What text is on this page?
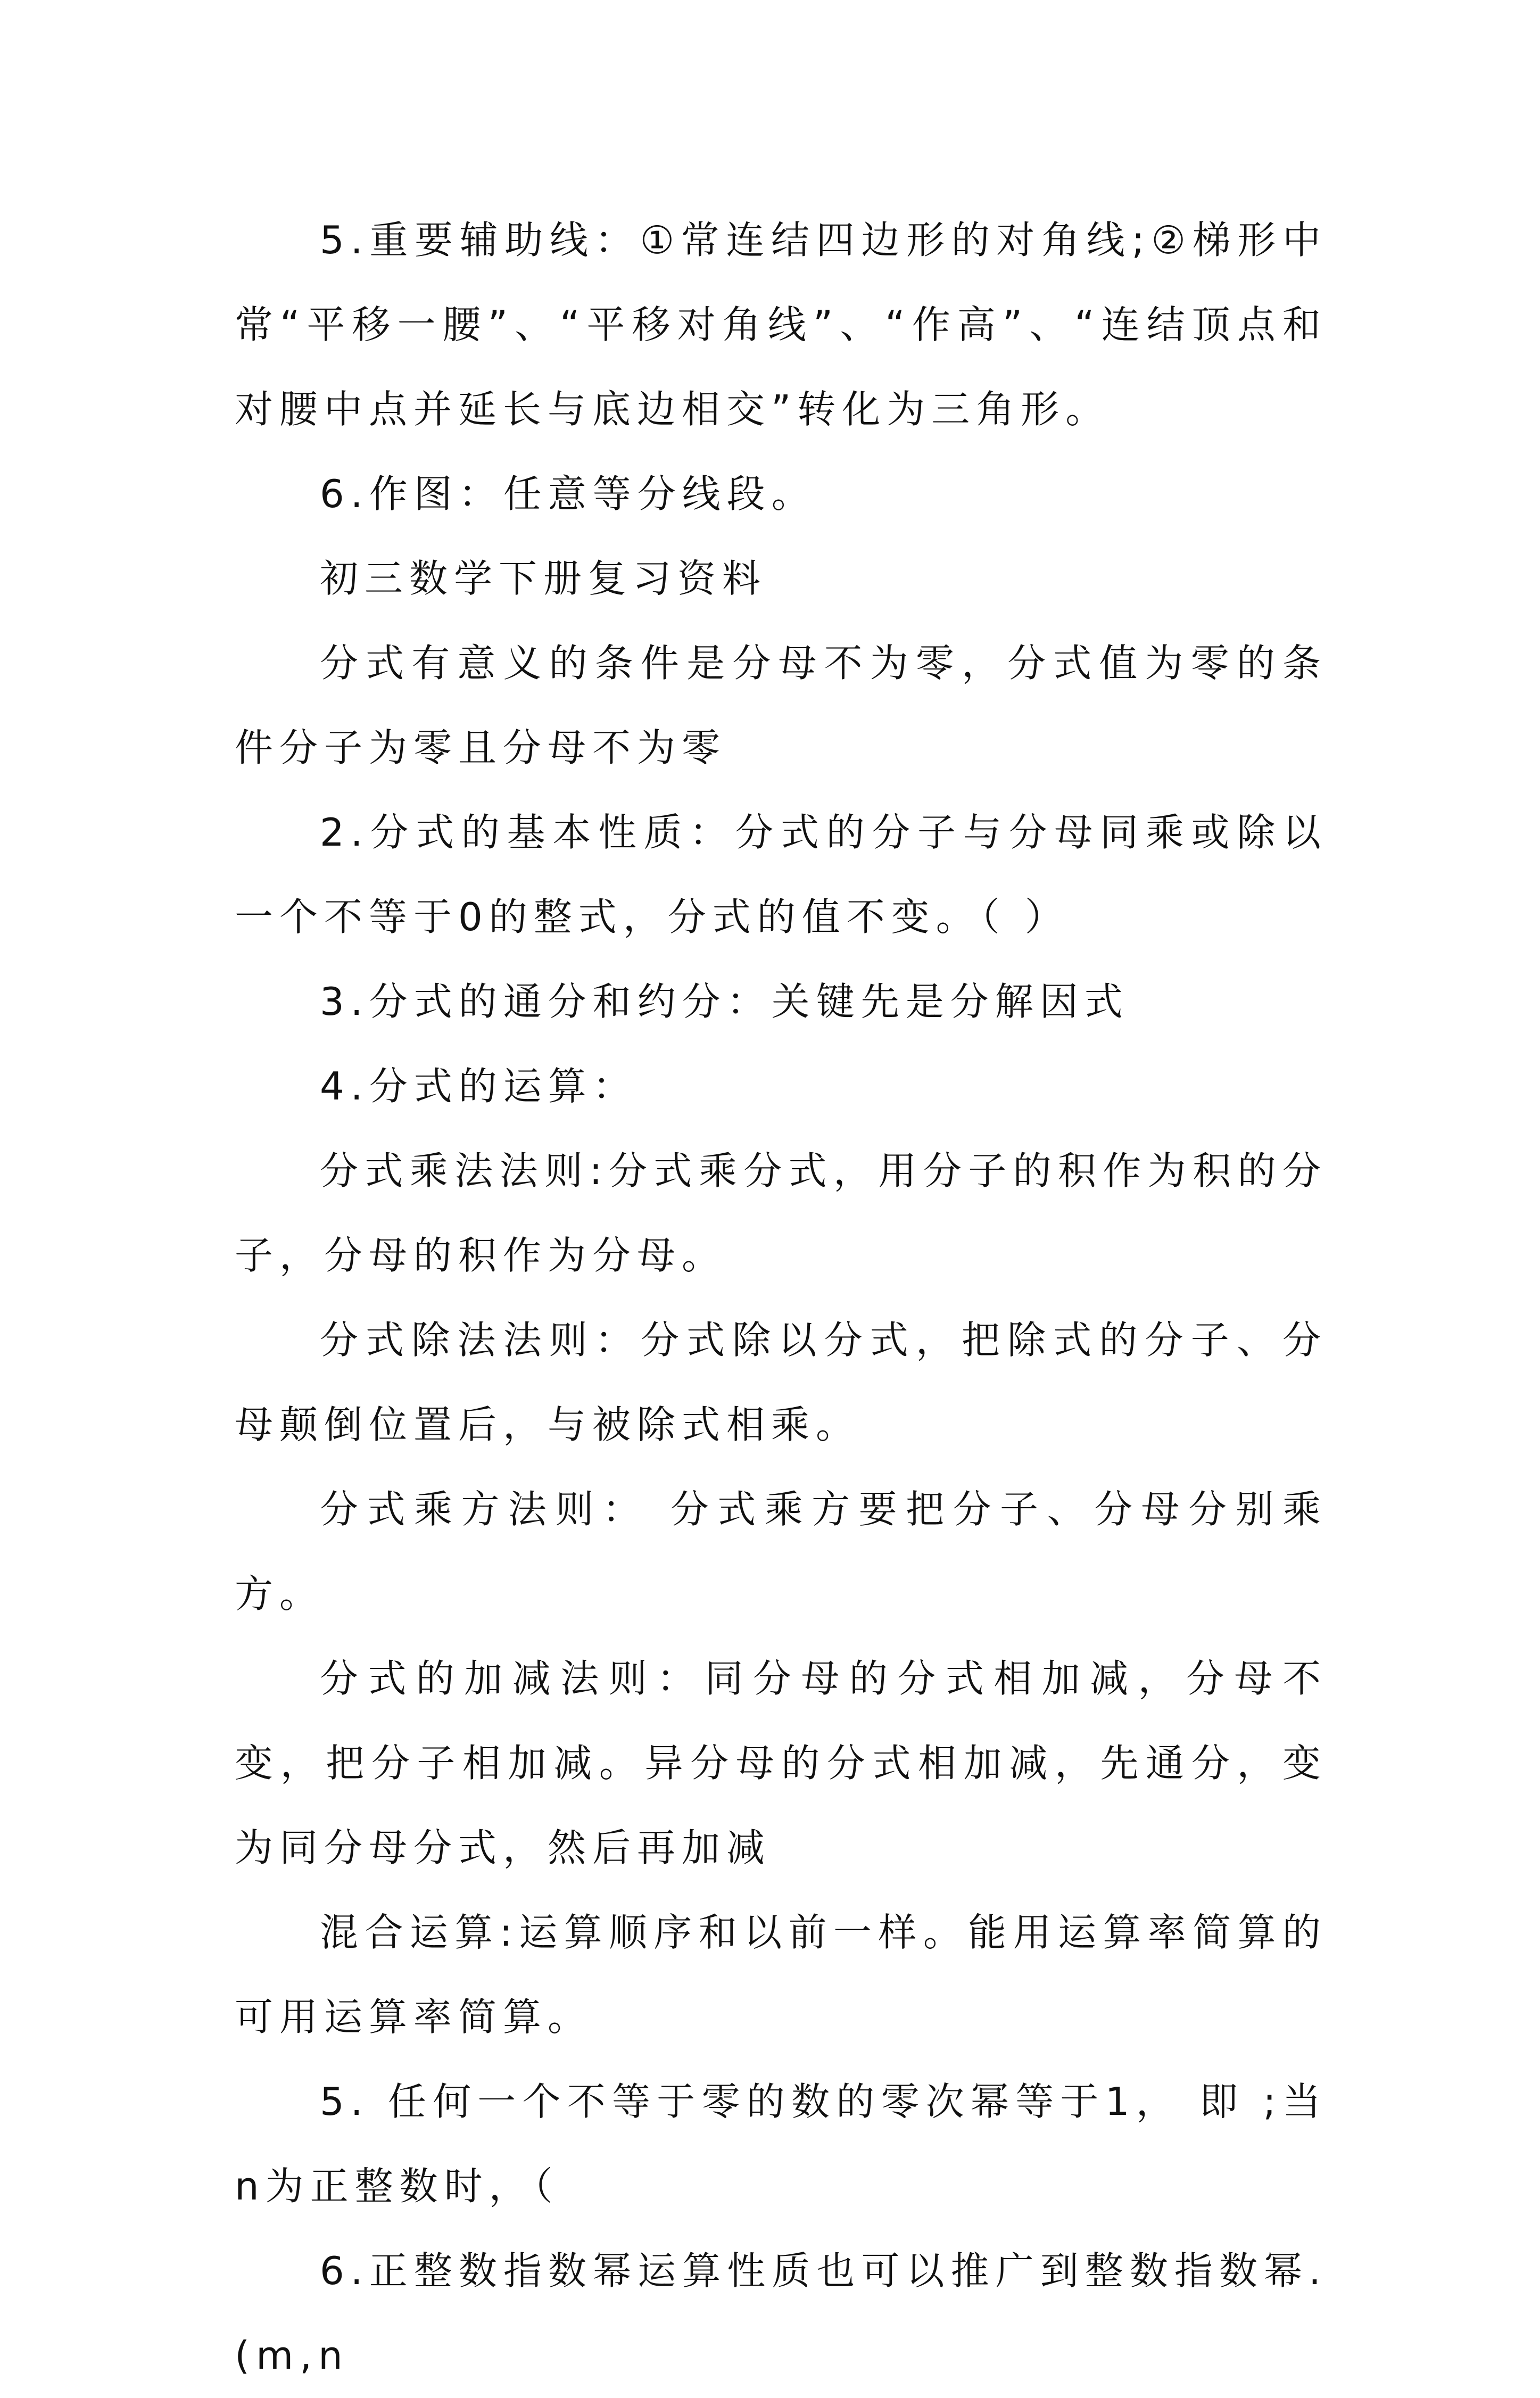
5.重要辅助线：①常连结四边形的对角线;②梯形中常“平移一腰”、“平移对角线”、“作高”、“连结顶点和对腰中点并延长与底边相交”转化为三角形。

6.作图：任意等分线段。

初三数学下册复习资料

分式有意义的条件是分母不为零，分式值为零的条件分子为零且分母不为零

2.分式的基本性质：分式的分子与分母同乘或除以一个不等于0的整式，分式的值不变。（ ）

3.分式的通分和约分：关键先是分解因式

4.分式的运算：

分式乘法法则:分式乘分式，用分子的积作为积的分子，分母的积作为分母。

分式除法法则：分式除以分式，把除式的分子、分母颠倒位置后，与被除式相乘。

分式乘方法则： 分式乘方要把分子、分母分别乘方。

分式的加减法则：同分母的分式相加减，分母不变，把分子相加减。异分母的分式相加减，先通分，变为同分母分式，然后再加减

混合运算:运算顺序和以前一样。能用运算率简算的可用运算率简算。

5. 任何一个不等于零的数的零次幂等于1， 即 ;当n为正整数时，（

6.正整数指数幂运算性质也可以推广到整数指数幂.(m,n
